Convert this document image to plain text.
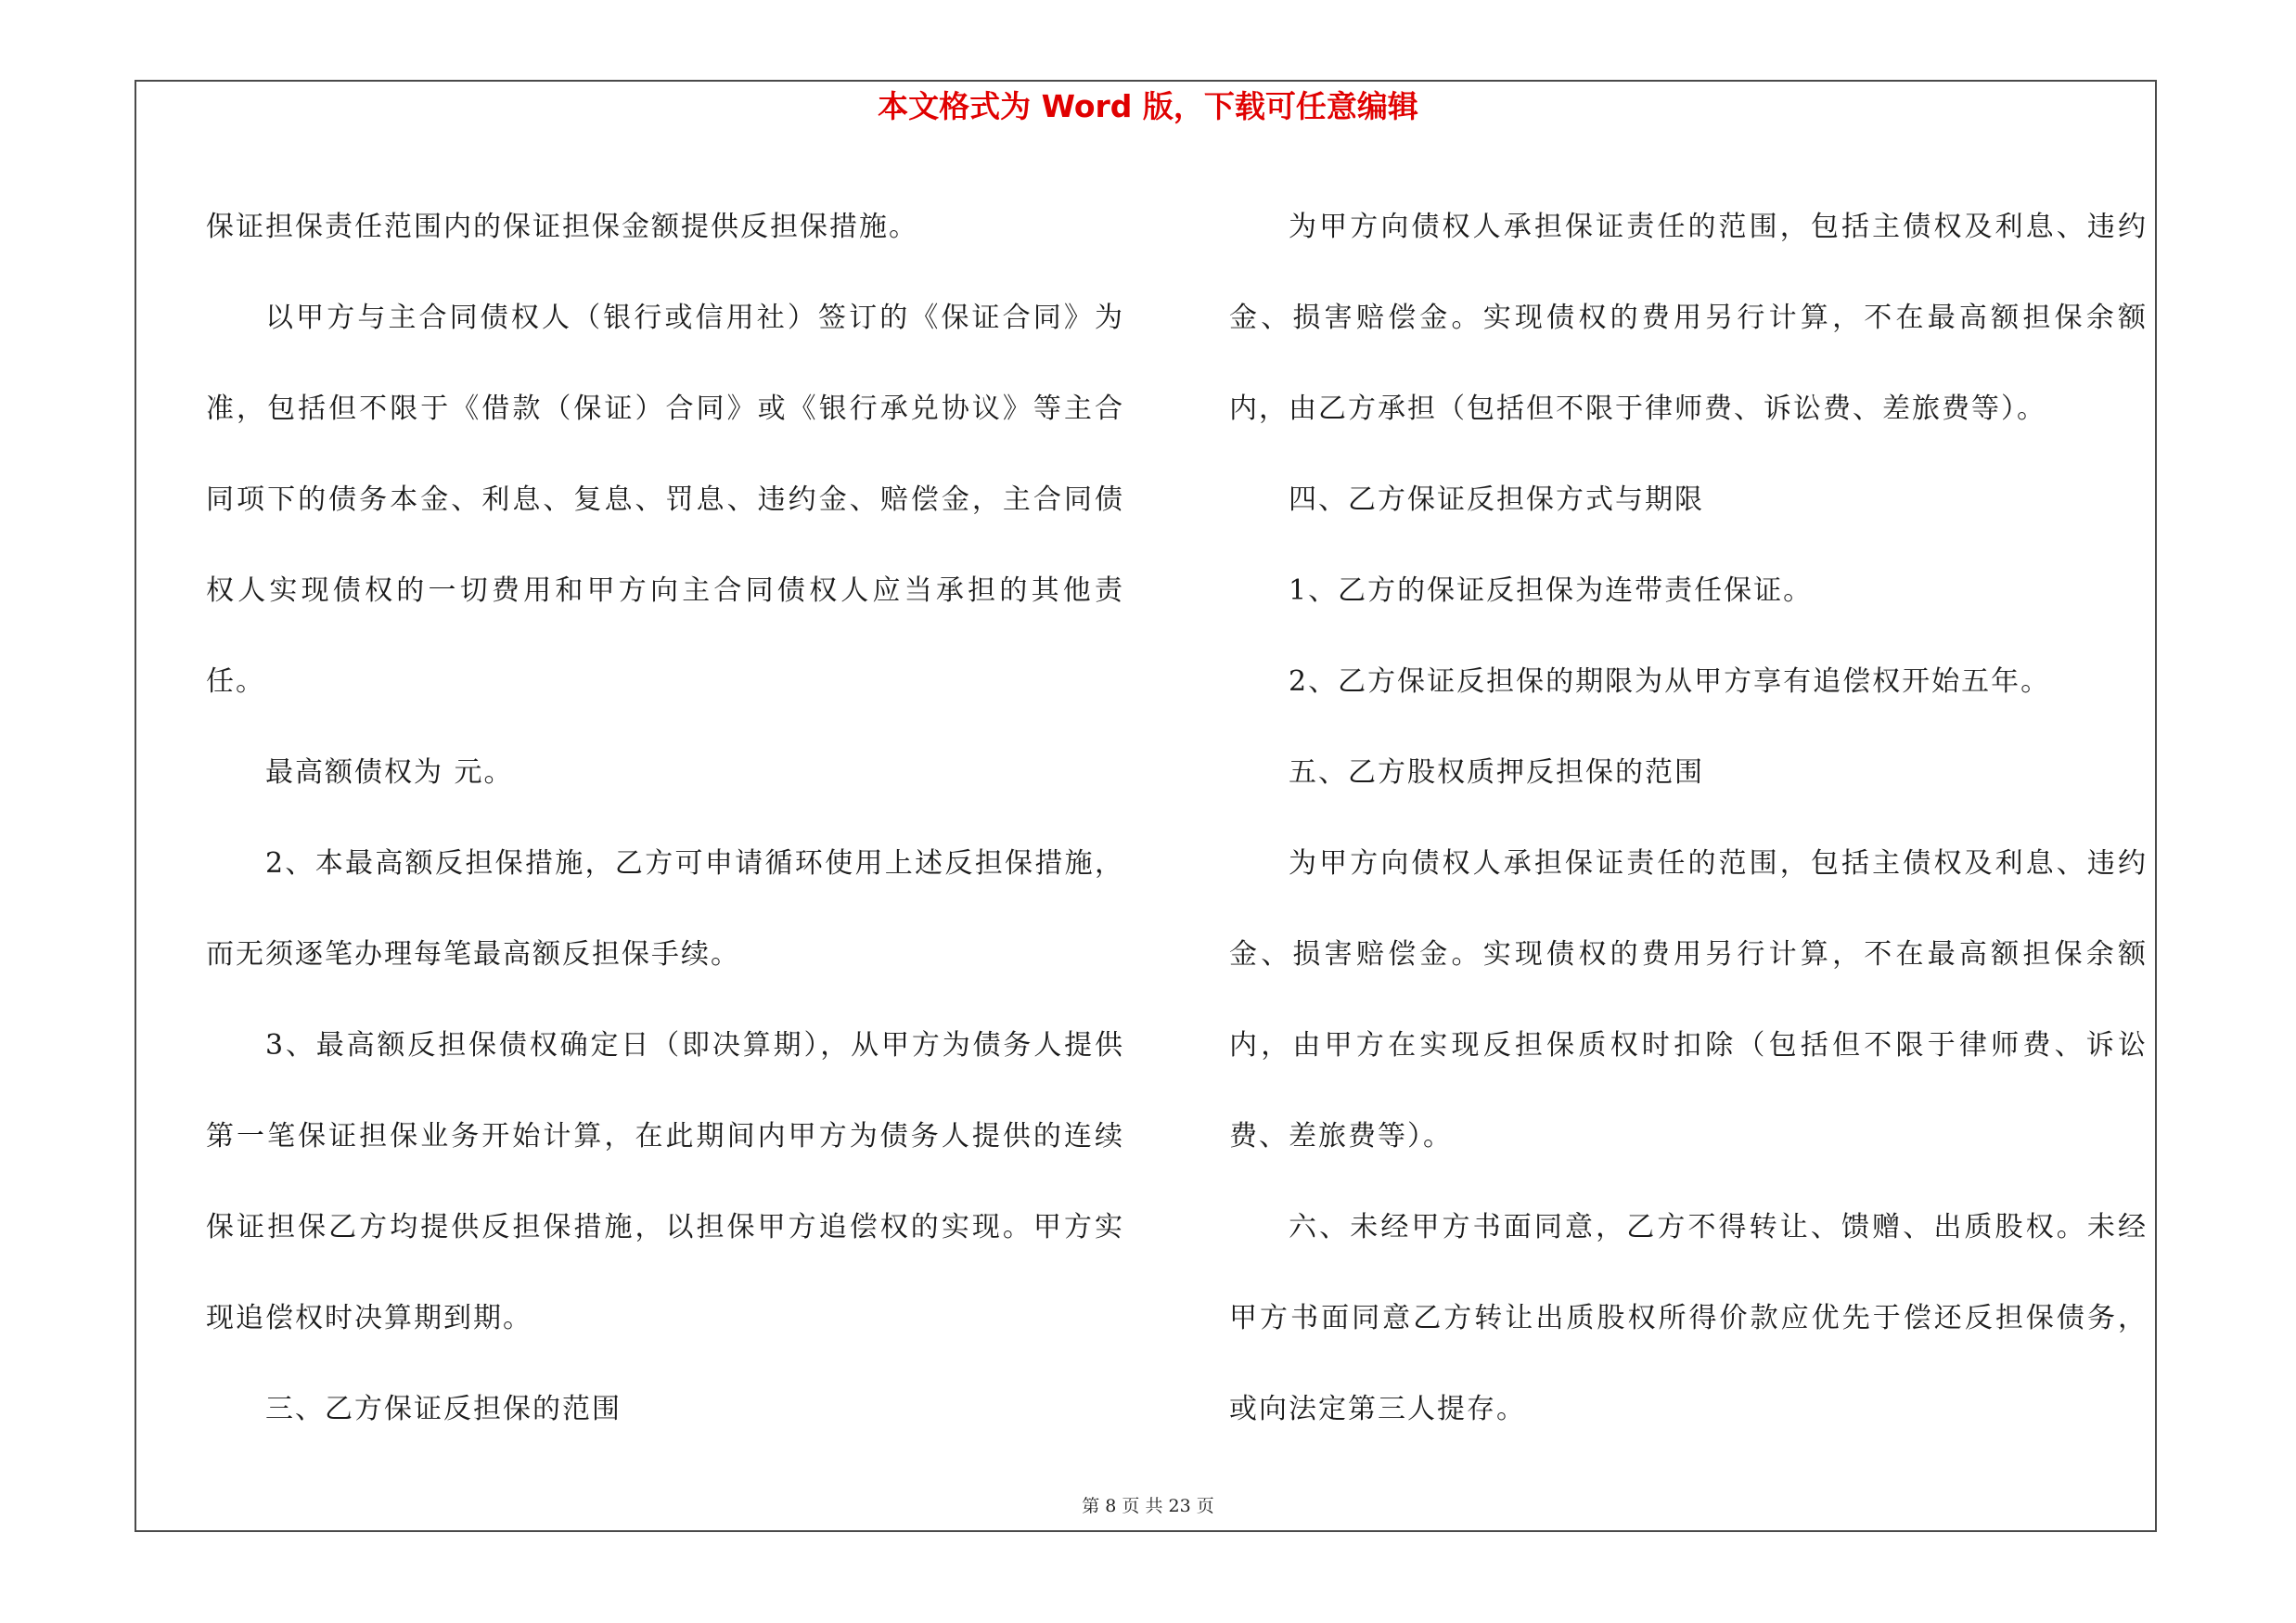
本文格式为 Word 版，下载可任意编辑

保证担保责任范围内的保证担保金额提供反担保措施。

以甲方与主合同债权人（银行或信用社）签订的《保证合同》为准，包括但不限于《借款（保证）合同》或《银行承兑协议》等主合同项下的债务本金、利息、复息、罚息、违约金、赔偿金，主合同债权人实现债权的一切费用和甲方向主合同债权人应当承担的其他责任。

最高额债权为 元。

2、本最高额反担保措施，乙方可申请循环使用上述反担保措施，而无须逐笔办理每笔最高额反担保手续。

3、最高额反担保债权确定日（即决算期），从甲方为债务人提供第一笔保证担保业务开始计算，在此期间内甲方为债务人提供的连续保证担保乙方均提供反担保措施，以担保甲方追偿权的实现。甲方实现追偿权时决算期到期。

三、乙方保证反担保的范围

为甲方向债权人承担保证责任的范围，包括主债权及利息、违约金、损害赔偿金。实现债权的费用另行计算，不在最高额担保余额内，由乙方承担（包括但不限于律师费、诉讼费、差旅费等）。

四、乙方保证反担保方式与期限

1、乙方的保证反担保为连带责任保证。

2、乙方保证反担保的期限为从甲方享有追偿权开始五年。

五、乙方股权质押反担保的范围

为甲方向债权人承担保证责任的范围，包括主债权及利息、违约金、损害赔偿金。实现债权的费用另行计算，不在最高额担保余额内，由甲方在实现反担保质权时扣除（包括但不限于律师费、诉讼费、差旅费等）。

六、未经甲方书面同意，乙方不得转让、馈赠、出质股权。未经甲方书面同意乙方转让出质股权所得价款应优先于偿还反担保债务，或向法定第三人提存。

第 8 页 共 23 页
